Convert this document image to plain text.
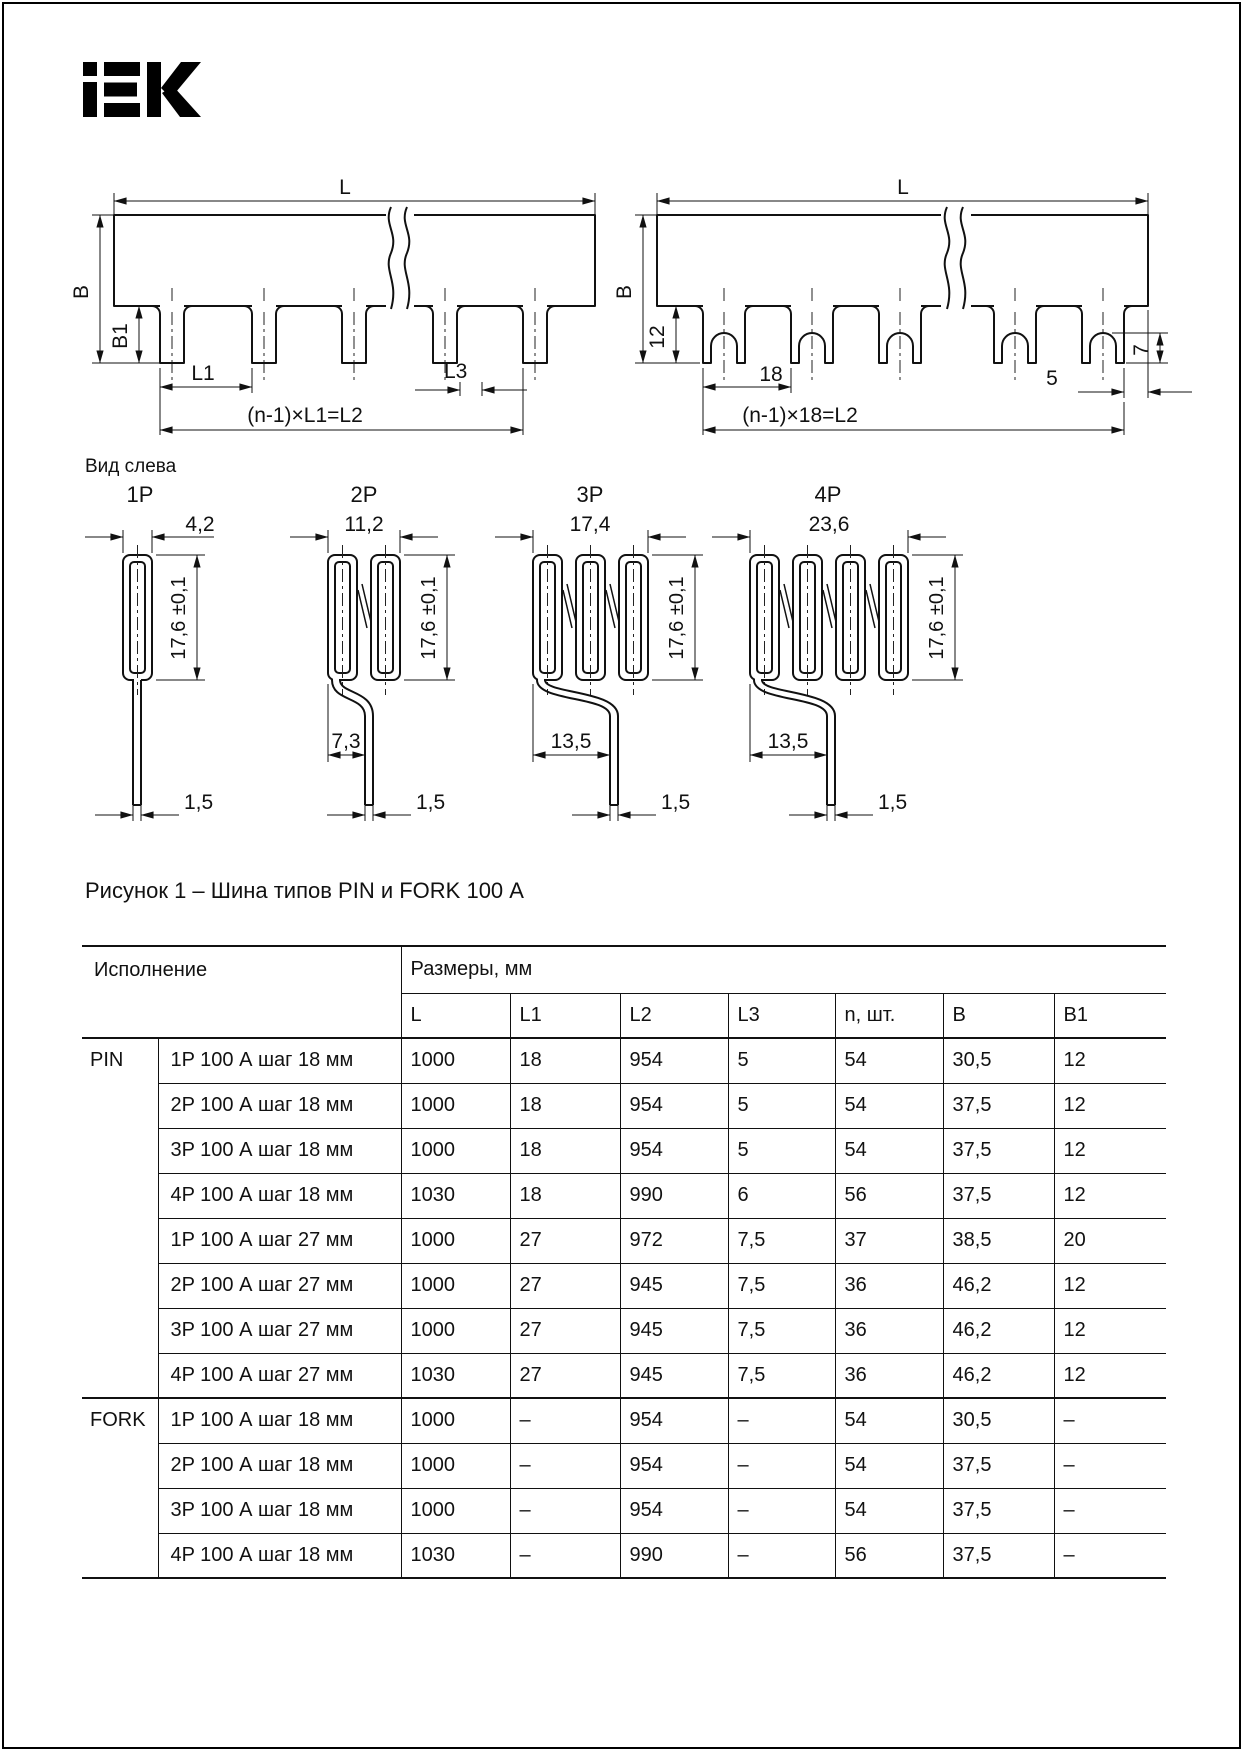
L
B
B1
L1	L3
(n-1)×L1=L2
L
B
12
18	5
7
(n-1)×18=L2
Вид слева
1P
4,2
17,6 ±0,1
1,5
2P
11,2
17,6 ±0,1
7,3
1,5
3P
17,4
17,6 ±0,1
13,5
1,5
4P
23,6
17,6 ±0,1
13,5
1,5
Рисунок 1 – Шина типов PIN и FORK 100 А
Исполнение		Размеры, мм						
		L	L1	L2	L3	n, шт.	B	B1
PIN	1P 100 А шаг 18 мм	1000	18	954	5	54	30,5	12
	2P 100 А шаг 18 мм	1000	18	954	5	54	37,5	12
	3P 100 А шаг 18 мм	1000	18	954	5	54	37,5	12
	4P 100 А шаг 18 мм	1030	18	990	6	56	37,5	12
	1P 100 А шаг 27 мм	1000	27	972	7,5	37	38,5	20
	2P 100 А шаг 27 мм	1000	27	945	7,5	36	46,2	12
	3P 100 А шаг 27 мм	1000	27	945	7,5	36	46,2	12
	4P 100 А шаг 27 мм	1030	27	945	7,5	36	46,2	12
FORK	1P 100 А шаг 18 мм	1000	–	954	–	54	30,5	–
	2P 100 А шаг 18 мм	1000	–	954	–	54	37,5	–
	3P 100 А шаг 18 мм	1000	–	954	–	54	37,5	–
	4P 100 А шаг 18 мм	1030	–	990	–	56	37,5	–
